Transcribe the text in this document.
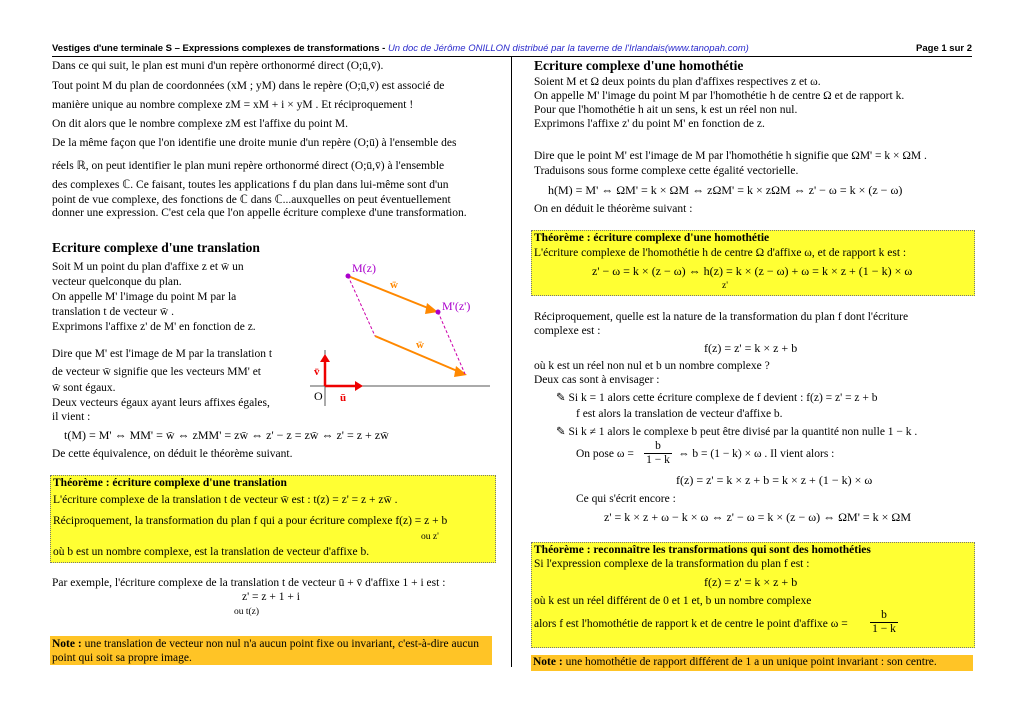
Vestiges d'une terminale S – Expressions complexes de transformations - Un doc de Jérôme ONILLON distribué par la taverne de l'Irlandais(www.tanopah.com)	Page 1 sur 2
Dans ce qui suit, le plan est muni d'un repère orthonormé direct (O;ū,v̄).
Tout point M du plan de coordonnées (xM ; yM) dans le repère (O;ū,v̄) est associé de
manière unique au nombre complexe zM = xM + i × yM . Et réciproquement !
On dit alors que le nombre complexe zM est l'affixe du point M.
De la même façon que l'on identifie une droite munie d'un repère (O;ū) à l'ensemble des
réels ℝ, on peut identifier le plan muni repère orthonormé direct (O;ū,v̄) à l'ensemble
des complexes ℂ. Ce faisant, toutes les applications f du plan dans lui-même sont d'un
point de vue complexe, des fonctions de ℂ dans ℂ...auxquelles on peut éventuellement
donner une expression. C'est cela que l'on appelle écriture complexe d'une transformation.
Ecriture complexe d'une translation
Soit M un point du plan d'affixe z et w̄ un
vecteur quelconque du plan.
On appelle M' l'image du point M par la
translation t de vecteur w̄ .
Exprimons l'affixe z' de M' en fonction de z.
Dire que M' est l'image de M par la translation t
de vecteur w̄ signifie que les vecteurs MM' et
w̄ sont égaux.
Deux vecteurs égaux ayant leurs affixes égales,
il vient :
t(M) = M' ⇔ MM' = w̄ ⇔ zMM' = zw̄ ⇔ z' − z = zw̄ ⇔ z' = z + zw̄
De cette équivalence, on déduit le théorème suivant.
M(z)
M'(z')
w̄
w̄
ū
v̄
O
Théorème : écriture complexe d'une translation
L'écriture complexe de la translation t de vecteur w̄ est : t(z) = z' = z + zw̄ .
Réciproquement, la transformation du plan f qui a pour écriture complexe f(z) = z + b
ou z'
où b est un nombre complexe, est la translation de vecteur d'affixe b.
Par exemple, l'écriture complexe de la translation t de vecteur ū + v̄ d'affixe 1 + i est :
z' = z + 1 + i
ou t(z)
Note : une translation de vecteur non nul n'a aucun point fixe ou invariant, c'est-à-dire aucun point qui soit sa propre image.
Ecriture complexe d'une homothétie
Soient M et Ω deux points du plan d'affixes respectives z et ω.
On appelle M' l'image du point M par l'homothétie h de centre Ω et de rapport k.
Pour que l'homothétie h ait un sens, k est un réel non nul.
Exprimons l'affixe z' du point M' en fonction de z.
Dire que le point M' est l'image de M par l'homothétie h signifie que ΩM' = k × ΩM .
Traduisons sous forme complexe cette égalité vectorielle.
h(M) = M' ⇔ ΩM' = k × ΩM ⇔ zΩM' = k × zΩM ⇔ z' − ω = k × (z − ω)
On en déduit le théorème suivant :
Théorème : écriture complexe d'une homothétie
L'écriture complexe de l'homothétie h de centre Ω d'affixe ω, et de rapport k est :
z' − ω = k × (z − ω) ⇔ h(z) = k × (z − ω) + ω = k × z + (1 − k) × ω
z'
Réciproquement, quelle est la nature de la transformation du plan f dont l'écriture
complexe est :
f(z) = z' = k × z + b
où k est un réel non nul et b un nombre complexe ?
Deux cas sont à envisager :
✎ Si k = 1 alors cette écriture complexe de f devient : f(z) = z' = z + b
f est alors la translation de vecteur d'affixe b.
✎ Si k ≠ 1 alors le complexe b peut être divisé par la quantité non nulle 1 − k .
On pose $\omega = \frac{b}{1 - k}$ ⇔ b = (1 − k) × ω . Il vient alors :
f(z) = z' = k × z + b = k × z + (1 − k) × ω
Ce qui s'écrit encore :
z' = k × z + ω − k × ω ⇔ z' − ω = k × (z − ω) ⇔ ΩM' = k × ΩM
Théorème : reconnaître les transformations qui sont des homothéties
Si l'expression complexe de la transformation du plan f est :
f(z) = z' = k × z + b
où k est un réel différent de 0 et 1 et, b un nombre complexe
alors f est l'homothétie de rapport k et de centre le point d'affixe $\omega = \frac{b}{1 - k}$
Note : une homothétie de rapport différent de 1 a un unique point invariant : son centre.
